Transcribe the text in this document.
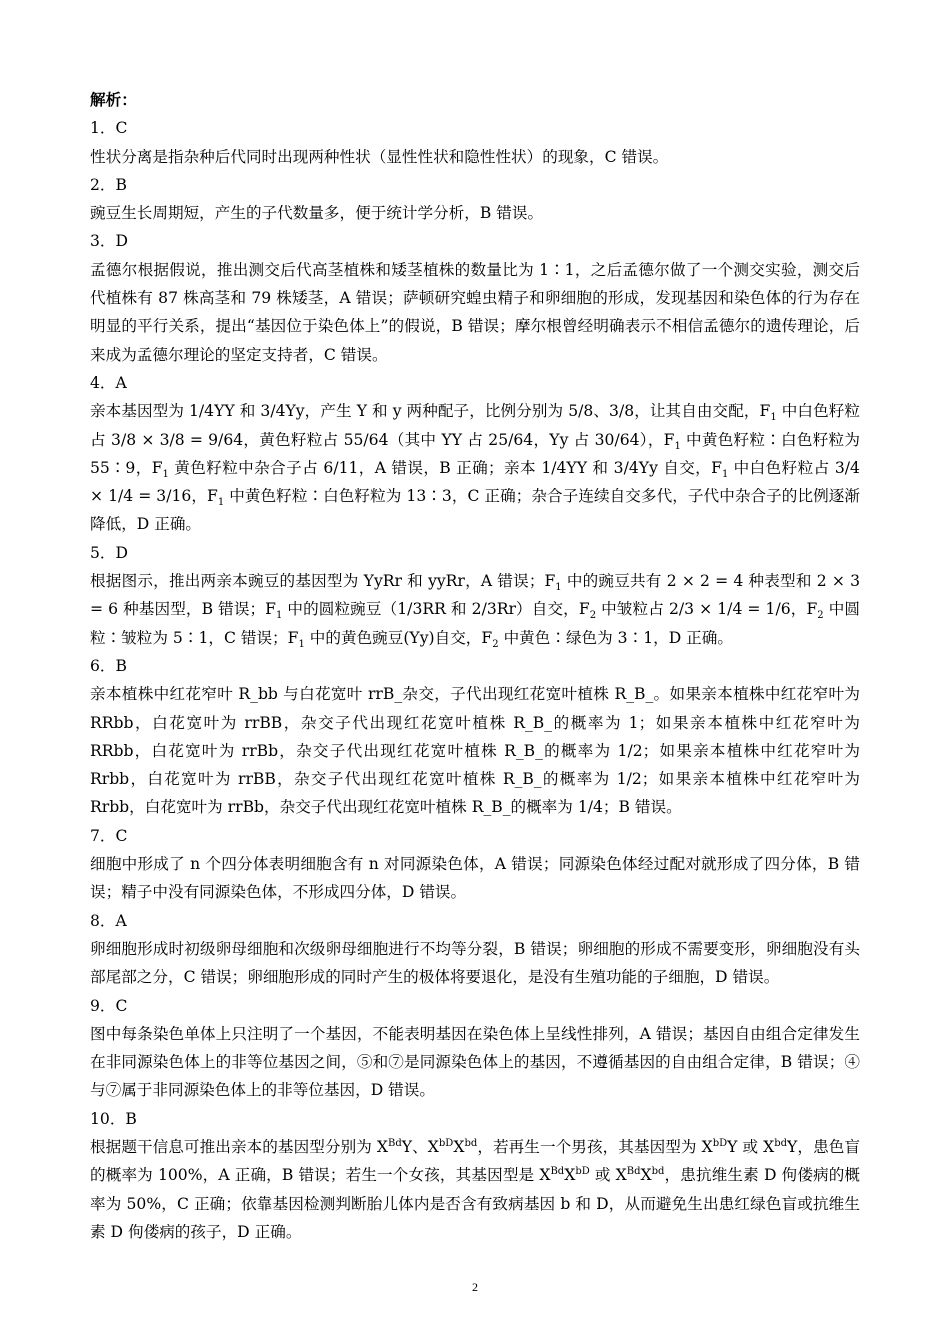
解析：
1．C
性状分离是指杂种后代同时出现两种性状（显性性状和隐性性状）的现象，C 错误。
2．B
豌豆生长周期短，产生的子代数量多，便于统计学分析，B 错误。
3．D
孟德尔根据假说，推出测交后代高茎植株和矮茎植株的数量比为 1∶1，之后孟德尔做了一个测交实验，测交后代植株有 87 株高茎和 79 株矮茎，A 错误；萨顿研究蝗虫精子和卵细胞的形成，发现基因和染色体的行为存在明显的平行关系，提出“基因位于染色体上”的假说，B 错误；摩尔根曾经明确表示不相信孟德尔的遗传理论，后来成为孟德尔理论的坚定支持者，C 错误。
4．A
亲本基因型为 1/4YY 和 3/4Yy，产生 Y 和 y 两种配子，比例分别为 5/8、3/8，让其自由交配，$F_1$ 中白色籽粒占 3/8 × 3/8 = 9/64，黄色籽粒占 55/64（其中 YY 占 25/64，Yy 占 30/64），$F_1$ 中黄色籽粒∶白色籽粒为 55∶9，$F_1$ 黄色籽粒中杂合子占 6/11，A 错误，B 正确；亲本 1/4YY 和 3/4Yy 自交，$F_1$ 中白色籽粒占 3/4 × 1/4 = 3/16，$F_1$ 中黄色籽粒∶白色籽粒为 13∶3，C 正确；杂合子连续自交多代，子代中杂合子的比例逐渐降低，D 正确。
5．D
根据图示，推出两亲本豌豆的基因型为 YyRr 和 yyRr，A 错误；$F_1$ 中的豌豆共有 2 × 2 = 4 种表型和 2 × 3 = 6 种基因型，B 错误；$F_1$ 中的圆粒豌豆（1/3RR 和 2/3Rr）自交，$F_2$ 中皱粒占 2/3 × 1/4 = 1/6，$F_2$ 中圆粒∶皱粒为 5∶1，C 错误；$F_1$ 中的黄色豌豆(Yy)自交，$F_2$ 中黄色∶绿色为 3∶1，D 正确。
6．B
亲本植株中红花窄叶 R_bb 与白花宽叶 rrB_杂交，子代出现红花宽叶植株 R_B_。如果亲本植株中红花窄叶为 RRbb，白花宽叶为 rrBB，杂交子代出现红花宽叶植株 R_B_的概率为 1；如果亲本植株中红花窄叶为 RRbb，白花宽叶为 rrBb，杂交子代出现红花宽叶植株 R_B_的概率为 1/2；如果亲本植株中红花窄叶为 Rrbb，白花宽叶为 rrBB，杂交子代出现红花宽叶植株 R_B_的概率为 1/2；如果亲本植株中红花窄叶为 Rrbb，白花宽叶为 rrBb，杂交子代出现红花宽叶植株 R_B_的概率为 1/4；B 错误。
7．C
细胞中形成了 n 个四分体表明细胞含有 n 对同源染色体，A 错误；同源染色体经过配对就形成了四分体，B 错误；精子中没有同源染色体，不形成四分体，D 错误。
8．A
卵细胞形成时初级卵母细胞和次级卵母细胞进行不均等分裂，B 错误；卵细胞的形成不需要变形，卵细胞没有头部尾部之分，C 错误；卵细胞形成的同时产生的极体将要退化，是没有生殖功能的子细胞，D 错误。
9．C
图中每条染色单体上只注明了一个基因，不能表明基因在染色体上呈线性排列，A 错误；基因自由组合定律发生在非同源染色体上的非等位基因之间，⑤和⑦是同源染色体上的基因，不遵循基因的自由组合定律，B 错误；④与⑦属于非同源染色体上的非等位基因，D 错误。
10．B
根据题干信息可推出亲本的基因型分别为 $X^{Bd}Y$、$X^{bD}X^{bd}$，若再生一个男孩，其基因型为 $X^{bD}Y$ 或 $X^{bd}Y$，患色盲的概率为 100%，A 正确，B 错误；若生一个女孩，其基因型是 $X^{Bd}X^{bD}$ 或 $X^{Bd}X^{bd}$，患抗维生素 D 佝偻病的概率为 50%，C 正确；依靠基因检测判断胎儿体内是否含有致病基因 b 和 D，从而避免生出患红绿色盲或抗维生素 D 佝偻病的孩子，D 正确。
2
